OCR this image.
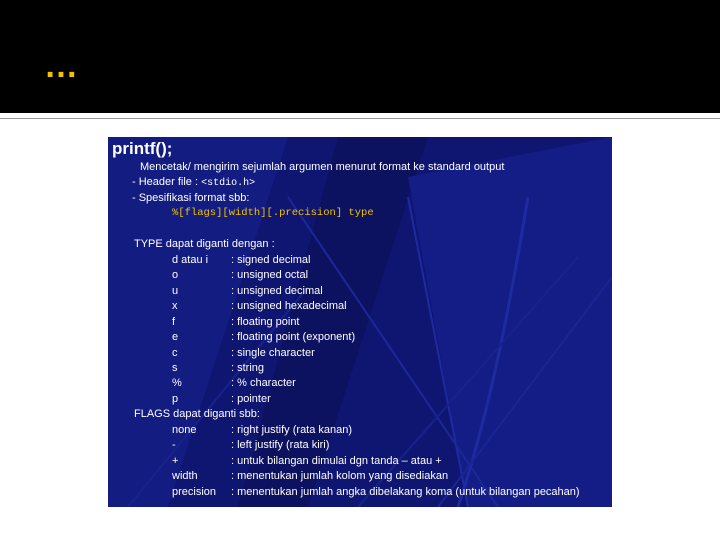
…
printf();
Mencetak/ mengirim sejumlah argumen menurut format ke standard output
- Header file : <stdio.h>
- Spesifikasi format sbb:
%[flags][width][.precision] type
TYPE dapat diganti dengan :
d atau i	: signed decimal
o	: unsigned octal
u	: unsigned decimal
x	: unsigned hexadecimal
f	: floating point
e	: floating point (exponent)
c	: single character
s	: string
%	: % character
p	: pointer
FLAGS dapat diganti sbb:
none	: right justify (rata kanan)
-	: left justify (rata kiri)
+	: untuk bilangan dimulai dgn tanda – atau +
width	: menentukan jumlah kolom yang disediakan
precision	: menentukan jumlah angka dibelakang koma (untuk bilangan pecahan)
